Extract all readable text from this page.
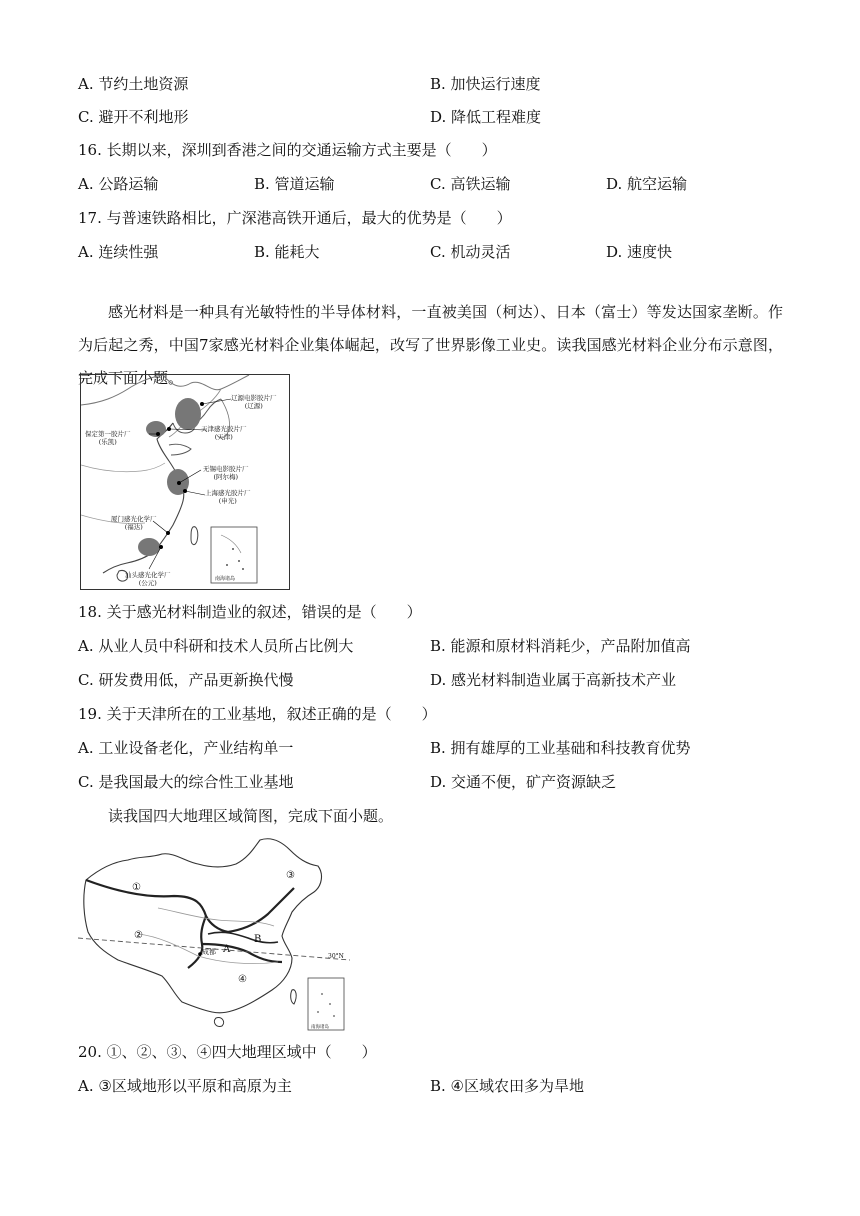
A. 节约土地资源	B. 加快运行速度
C. 避开不利地形	D. 降低工程难度
16. 长期以来，深圳到香港之间的交通运输方式主要是（　　）
A. 公路运输	B. 管道运输	C. 高铁运输	D. 航空运输
17. 与普速铁路相比，广深港高铁开通后，最大的优势是（　　）
A. 连续性强	B. 能耗大	C. 机动灵活	D. 速度快
感光材料是一种具有光敏特性的半导体材料，一直被美国（柯达）、日本（富士）等发达国家垄断。作为后起之秀，中国7家感光材料企业集体崛起，改写了世界影像工业史。读我国感光材料企业分布示意图，完成下面小题。
辽源电影胶片厂
(辽源)
天津感光胶片厂
(天津)
保定第一胶片厂
(乐凯)
无锡电影胶片厂
(阿尔梅)
上海感光胶片厂
(申光)
厦门感光化学厂
(福达)
汕头感光化学厂
(公元)	南海诸岛
18. 关于感光材料制造业的叙述，错误的是（　　）
A. 从业人员中科研和技术人员所占比例大	B. 能源和原材料消耗少，产品附加值高
C. 研发费用低，产品更新换代慢	D. 感光材料制造业属于高新技术产业
19. 关于天津所在的工业基地，叙述正确的是（　　）
A. 工业设备老化，产业结构单一	B. 拥有雄厚的工业基础和科技教育优势
C. 是我国最大的综合性工业基地	D. 交通不便，矿产资源缺乏
读我国四大地理区域简图，完成下面小题。
①
②
③
④
A
B
成都
30°N
南海诸岛
20. ①、②、③、④四大地理区域中（　　）
A. ③区域地形以平原和高原为主	B. ④区域农田多为旱地
